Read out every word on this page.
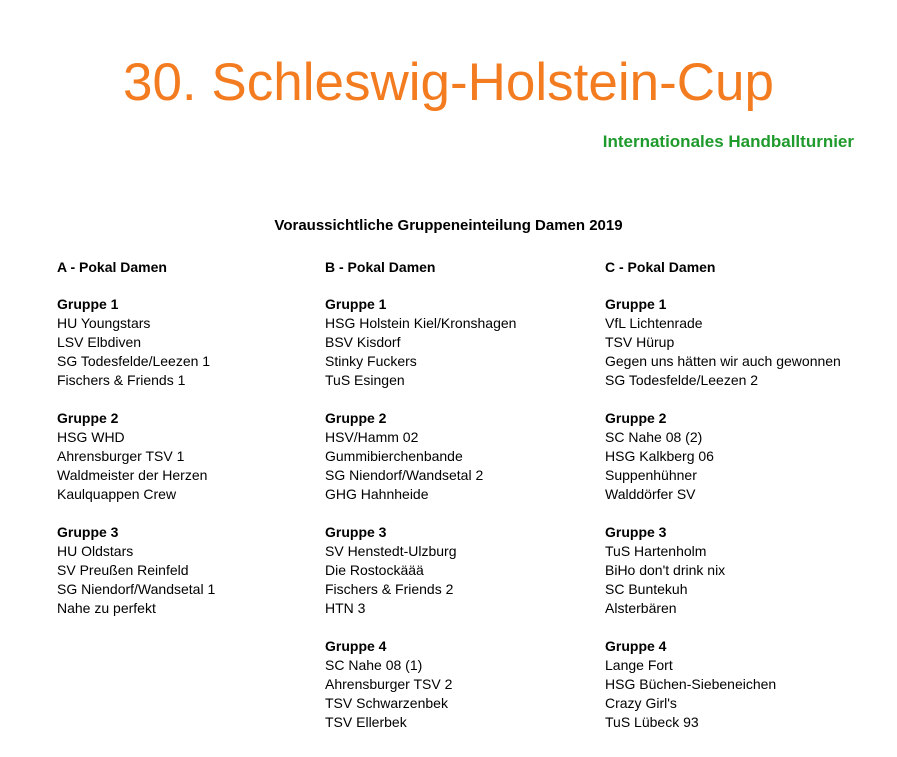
30. Schleswig-Holstein-Cup
Internationales Handballturnier
Voraussichtliche Gruppeneinteilung Damen 2019
A - Pokal Damen
Gruppe 1
HU Youngstars
LSV Elbdiven
SG Todesfelde/Leezen 1
Fischers & Friends 1
Gruppe 2
HSG WHD
Ahrensburger TSV 1
Waldmeister der Herzen
Kaulquappen Crew
Gruppe 3
HU Oldstars
SV Preußen Reinfeld
SG Niendorf/Wandsetal 1
Nahe zu perfekt
B - Pokal Damen
Gruppe 1
HSG Holstein Kiel/Kronshagen
BSV Kisdorf
Stinky Fuckers
TuS Esingen
Gruppe 2
HSV/Hamm 02
Gummibierchenbande
SG Niendorf/Wandsetal 2
GHG Hahnheide
Gruppe 3
SV Henstedt-Ulzburg
Die Rostockäää
Fischers & Friends 2
HTN 3
Gruppe 4
SC Nahe 08 (1)
Ahrensburger TSV 2
TSV Schwarzenbek
TSV Ellerbek
C - Pokal Damen
Gruppe 1
VfL Lichtenrade
TSV Hürup
Gegen uns hätten wir auch gewonnen
SG Todesfelde/Leezen 2
Gruppe 2
SC Nahe 08 (2)
HSG Kalkberg 06
Suppenhühner
Walddörfer SV
Gruppe 3
TuS Hartenholm
BiHo don't drink nix
SC Buntekuh
Alsterbären
Gruppe 4
Lange Fort
HSG Büchen-Siebeneichen
Crazy Girl's
TuS Lübeck 93
